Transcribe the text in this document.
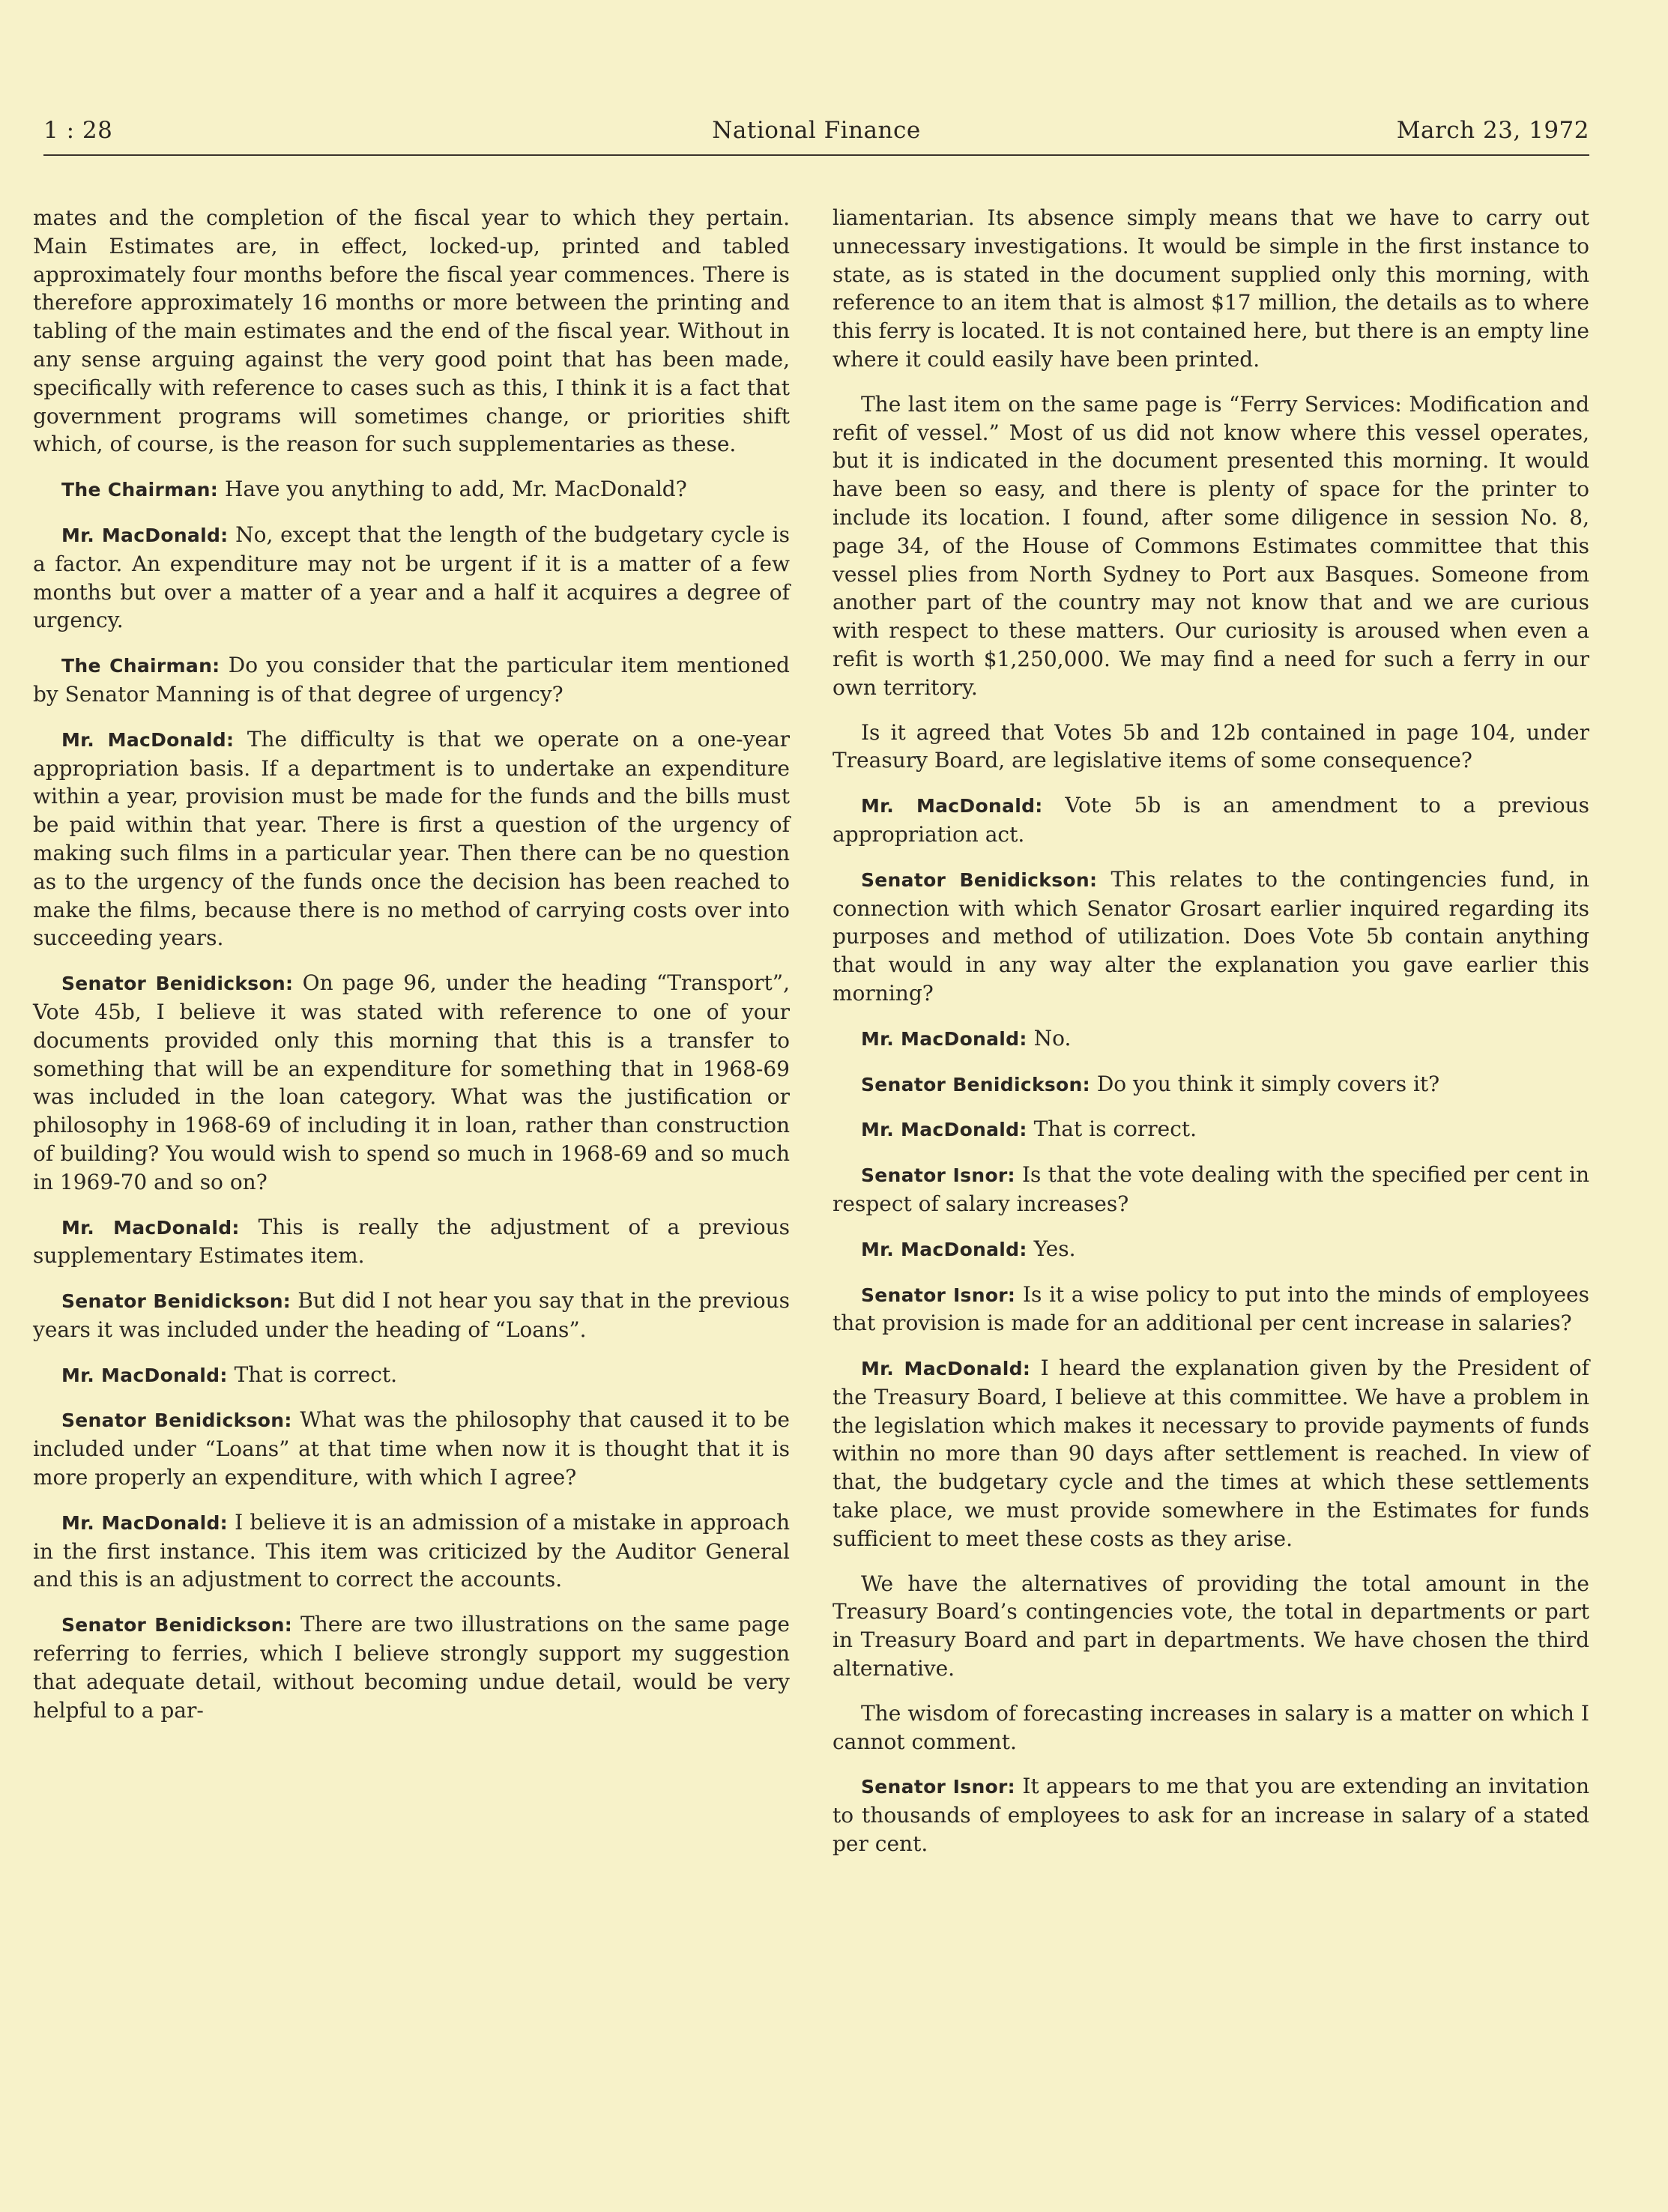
1 : 28	National Finance	March 23, 1972

mates and the completion of the fiscal year to which they pertain. Main Estimates are, in effect, locked-up, printed and tabled approximately four months before the fiscal year commences. There is therefore approximately 16 months or more between the printing and tabling of the main estimates and the end of the fiscal year. Without in any sense arguing against the very good point that has been made, specifically with reference to cases such as this, I think it is a fact that government programs will sometimes change, or priorities shift which, of course, is the reason for such supplementaries as these.

The Chairman: Have you anything to add, Mr. MacDonald?

Mr. MacDonald: No, except that the length of the budgetary cycle is a factor. An expenditure may not be urgent if it is a matter of a few months but over a matter of a year and a half it acquires a degree of urgency.

The Chairman: Do you consider that the particular item mentioned by Senator Manning is of that degree of urgency?

Mr. MacDonald: The difficulty is that we operate on a one-year appropriation basis. If a department is to undertake an expenditure within a year, provision must be made for the funds and the bills must be paid within that year. There is first a question of the urgency of making such films in a particular year. Then there can be no question as to the urgency of the funds once the decision has been reached to make the films, because there is no method of carrying costs over into succeeding years.

Senator Benidickson: On page 96, under the heading “Transport”, Vote 45b, I believe it was stated with reference to one of your documents provided only this morning that this is a transfer to something that will be an expenditure for something that in 1968-69 was included in the loan category. What was the justification or philosophy in 1968-69 of including it in loan, rather than construction of building? You would wish to spend so much in 1968-69 and so much in 1969-70 and so on?

Mr. MacDonald: This is really the adjustment of a previous supplementary Estimates item.

Senator Benidickson: But did I not hear you say that in the previous years it was included under the heading of “Loans”.

Mr. MacDonald: That is correct.

Senator Benidickson: What was the philosophy that caused it to be included under “Loans” at that time when now it is thought that it is more properly an expenditure, with which I agree?

Mr. MacDonald: I believe it is an admission of a mistake in approach in the first instance. This item was criticized by the Auditor General and this is an adjustment to correct the accounts.

Senator Benidickson: There are two illustrations on the same page referring to ferries, which I believe strongly support my suggestion that adequate detail, without becoming undue detail, would be very helpful to a par-

liamentarian. Its absence simply means that we have to carry out unnecessary investigations. It would be simple in the first instance to state, as is stated in the document supplied only this morning, with reference to an item that is almost $17 million, the details as to where this ferry is located. It is not contained here, but there is an empty line where it could easily have been printed.

The last item on the same page is “Ferry Services: Modification and refit of vessel.” Most of us did not know where this vessel operates, but it is indicated in the document presented this morning. It would have been so easy, and there is plenty of space for the printer to include its location. I found, after some diligence in session No. 8, page 34, of the House of Commons Estimates committee that this vessel plies from North Sydney to Port aux Basques. Someone from another part of the country may not know that and we are curious with respect to these matters. Our curiosity is aroused when even a refit is worth $1,250,000. We may find a need for such a ferry in our own territory.

Is it agreed that Votes 5b and 12b contained in page 104, under Treasury Board, are legislative items of some consequence?

Mr. MacDonald: Vote 5b is an amendment to a previous appropriation act.

Senator Benidickson: This relates to the contingencies fund, in connection with which Senator Grosart earlier inquired regarding its purposes and method of utilization. Does Vote 5b contain anything that would in any way alter the explanation you gave earlier this morning?

Mr. MacDonald: No.

Senator Benidickson: Do you think it simply covers it?

Mr. MacDonald: That is correct.

Senator Isnor: Is that the vote dealing with the specified per cent in respect of salary increases?

Mr. MacDonald: Yes.

Senator Isnor: Is it a wise policy to put into the minds of employees that provision is made for an additional per cent increase in salaries?

Mr. MacDonald: I heard the explanation given by the President of the Treasury Board, I believe at this committee. We have a problem in the legislation which makes it necessary to provide payments of funds within no more than 90 days after settlement is reached. In view of that, the budgetary cycle and the times at which these settlements take place, we must provide somewhere in the Estimates for funds sufficient to meet these costs as they arise.

We have the alternatives of providing the total amount in the Treasury Board’s contingencies vote, the total in departments or part in Treasury Board and part in departments. We have chosen the third alternative.

The wisdom of forecasting increases in salary is a matter on which I cannot comment.

Senator Isnor: It appears to me that you are extending an invitation to thousands of employees to ask for an increase in salary of a stated per cent.
